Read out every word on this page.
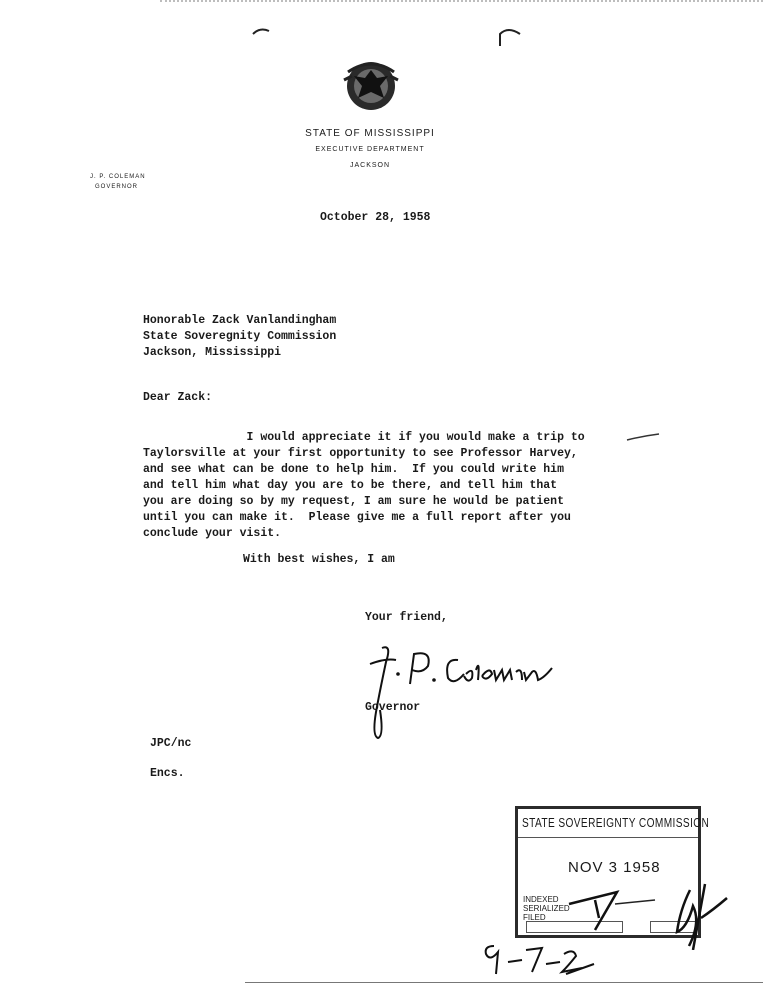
STATE OF MISSISSIPPI
EXECUTIVE DEPARTMENT
JACKSON
J. P. COLEMAN
GOVERNOR
October 28, 1958
Honorable Zack Vanlandingham
State Soveregnity Commission
Jackson, Mississippi
Dear Zack:
I would appreciate it if you would make a trip to
Taylorsville at your first opportunity to see Professor Harvey,
and see what can be done to help him.  If you could write him
and tell him what day you are to be there, and tell him that
you are doing so by my request, I am sure he would be patient
until you can make it.  Please give me a full report after you
conclude your visit.
With best wishes, I am
Your friend,
Governor
JPC/nc
Encs.
STATE SOVEREIGNTY COMMISSION
NOV 3 1958
INDEXED
SERIALIZED
FILED
